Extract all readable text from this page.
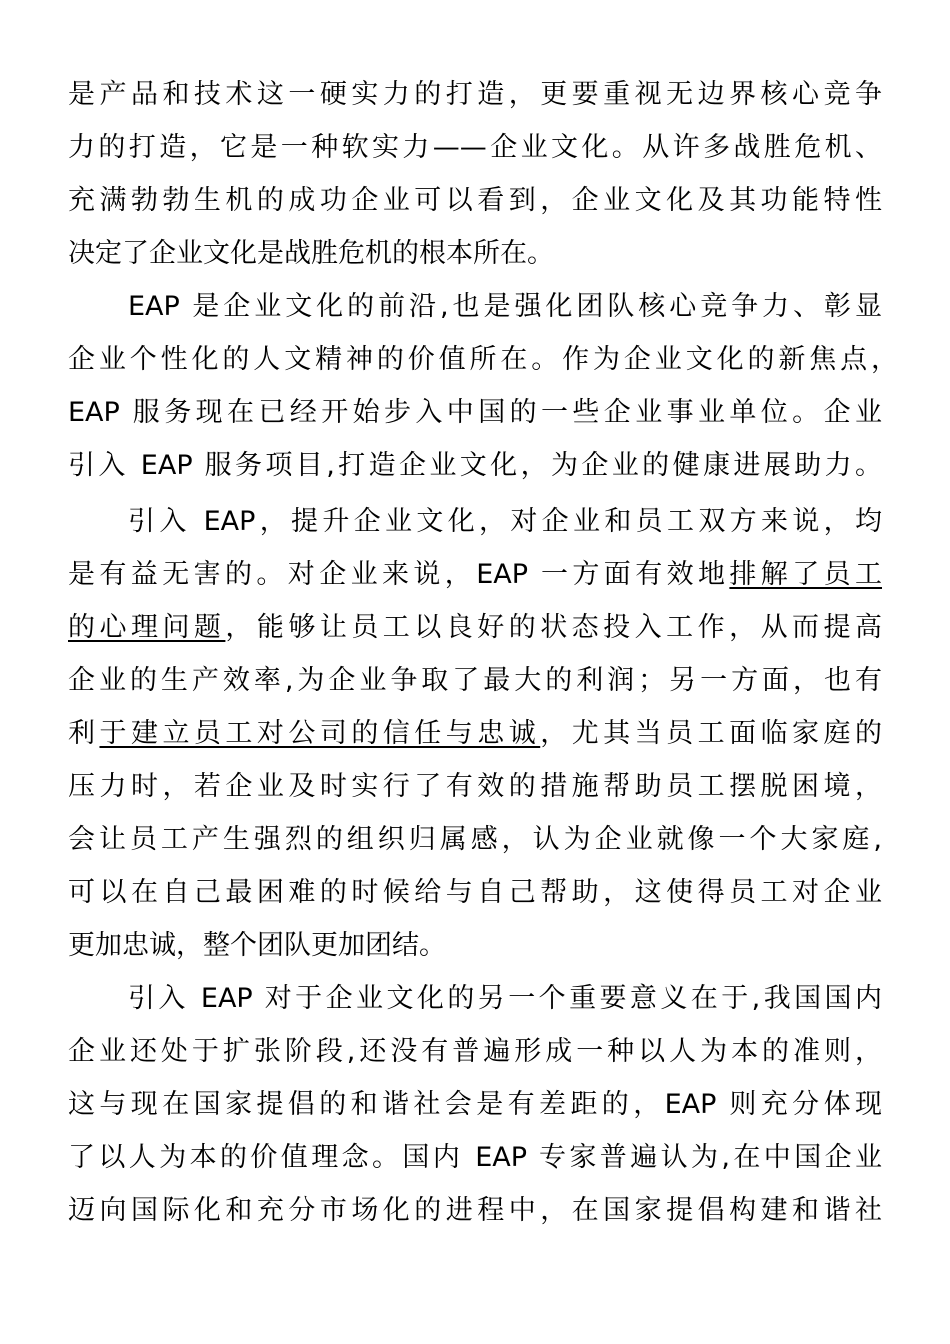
是产品和技术这一硬实力的打造，更要重视无边界核心竞争
力的打造，它是一种软实力——企业文化。从许多战胜危机、
充满勃勃生机的成功企业可以看到，企业文化及其功能特性
决定了企业文化是战胜危机的根本所在。
EAP 是企业文化的前沿,也是强化团队核心竞争力、彰显
企业个性化的人文精神的价值所在。作为企业文化的新焦点，
EAP 服务现在已经开始步入中国的一些企业事业单位。企业
引入 EAP 服务项目,打造企业文化，为企业的健康进展助力。
引入 EAP，提升企业文化，对企业和员工双方来说，均
是有益无害的。对企业来说，EAP 一方面有效地排解了员工
的心理问题，能够让员工以良好的状态投入工作，从而提高
企业的生产效率,为企业争取了最大的利润；另一方面，也有
利于建立员工对公司的信任与忠诚，尤其当员工面临家庭的
压力时，若企业及时实行了有效的措施帮助员工摆脱困境，
会让员工产生强烈的组织归属感，认为企业就像一个大家庭,
可以在自己最困难的时候给与自己帮助，这使得员工对企业
更加忠诚，整个团队更加团结。
引入 EAP 对于企业文化的另一个重要意义在于,我国国内
企业还处于扩张阶段,还没有普遍形成一种以人为本的准则，
这与现在国家提倡的和谐社会是有差距的，EAP 则充分体现
了以人为本的价值理念。国内 EAP 专家普遍认为,在中国企业
迈向国际化和充分市场化的进程中，在国家提倡构建和谐社
